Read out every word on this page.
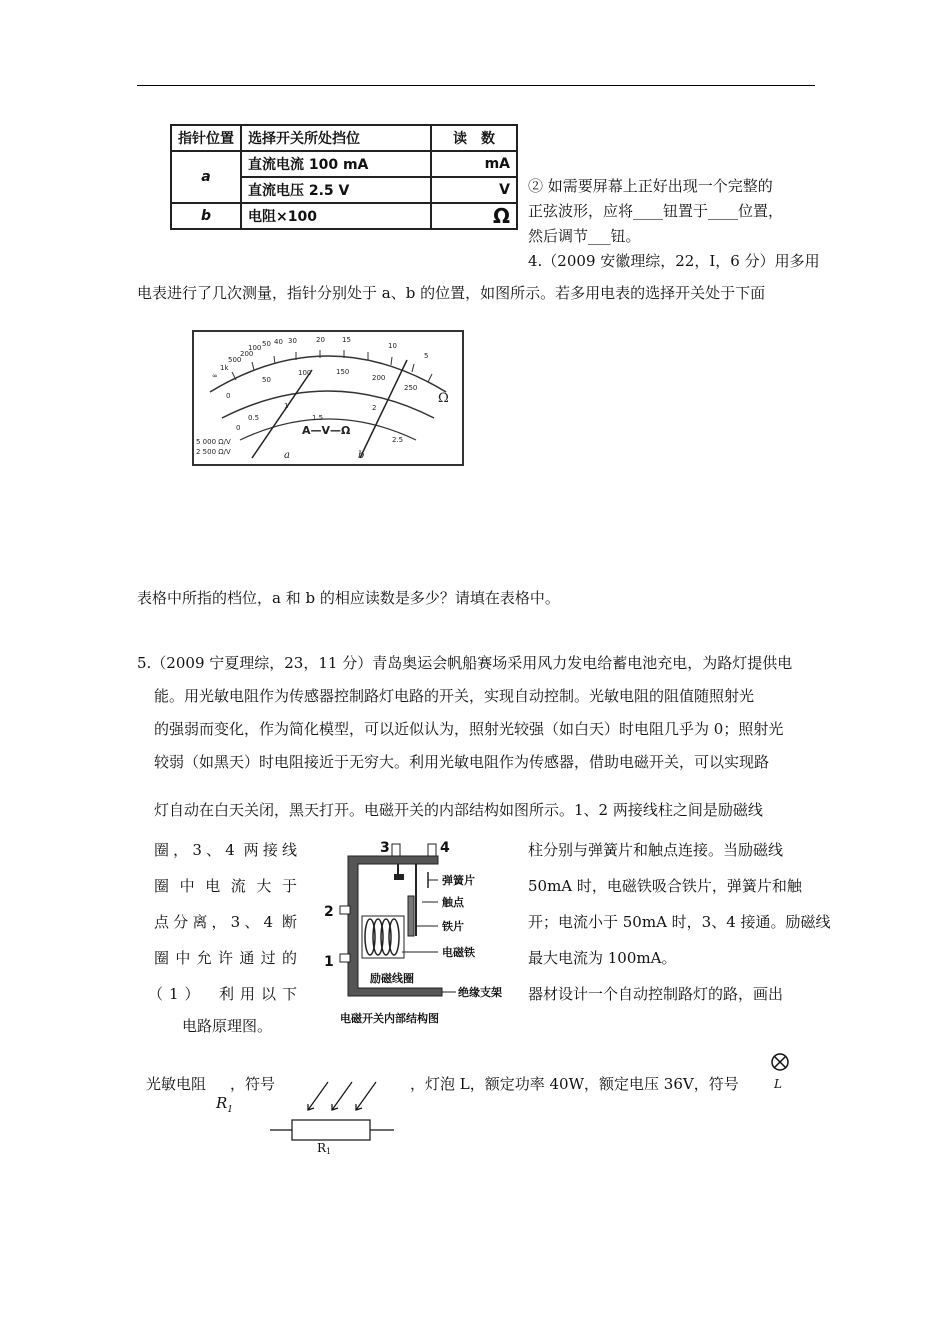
指针位置	选择开关所处挡位	读　数
a	直流电流 100 mA	mA
	直流电压 2.5 V	V
b	电阻×100	Ω
② 如需要屏幕上正好出现一个完整的
正弦波形，应将____钮置于____位置，
然后调节___钮。
4.（2009 安徽理综，22，Ⅰ，6 分）用多用
电表进行了几次测量，指针分别处于 a、b 的位置，如图所示。若多用电表的选择开关处于下面
∞
1k
500
200
100 50 40 30	20 15
10
5
0
50
100	150
200
250
0
0.5
1
1.5
2
2.5
5 000 Ω/V
2 500 Ω/V
Ω
A—V—Ω
a	b
表格中所指的档位，a 和 b 的相应读数是多少？请填在表格中。
5.（2009 宁夏理综，23，11 分）青岛奥运会帆船赛场采用风力发电给蓄电池充电，为路灯提供电
能。用光敏电阻作为传感器控制路灯电路的开关，实现自动控制。光敏电阻的阻值随照射光
的强弱而变化，作为简化模型，可以近似认为，照射光较强（如白天）时电阻几乎为 0；照射光
较弱（如黑天）时电阻接近于无穷大。利用光敏电阻作为传感器，借助电磁开关，可以实现路
灯自动在白天关闭，黑天打开。电磁开关的内部结构如图所示。1、2 两接线柱之间是励磁线
圈，3、4 两接线
圈中电流大于
点分离，3、4 断
圈中允许通过的
（1）　利用以下
电路原理图。
柱分别与弹簧片和触点连接。当励磁线
50mA 时，电磁铁吸合铁片，弹簧片和触
开；电流小于 50mA 时，3、4 接通。励磁线
最大电流为 100mA。
器材设计一个自动控制路灯的路，画出
3	4
2
1
弹簧片
触点
铁片
电磁铁
励磁线圈
绝缘支架
电磁开关内部结构图
光敏电阻 ，符号	，灯泡 L，额定功率 40W，额定电压 36V，符号
$R_1$
R1
L
